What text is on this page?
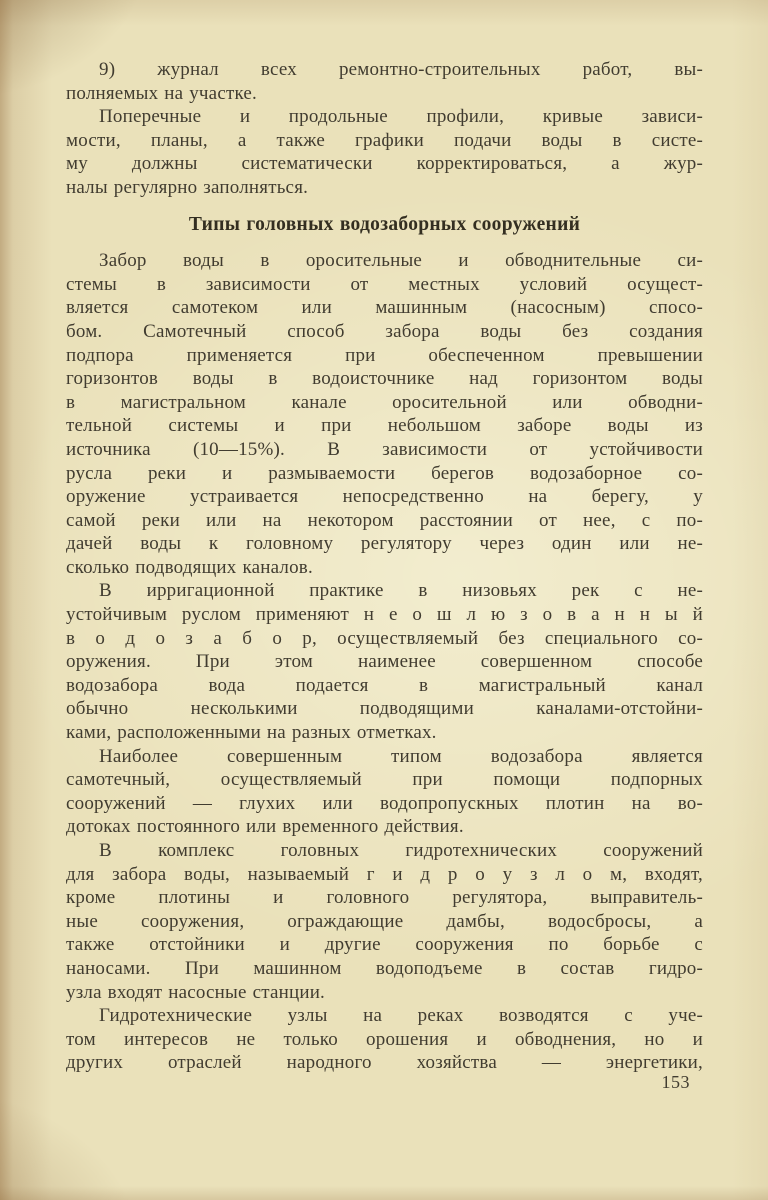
9) журнал всех ремонтно-строительных работ, вы-
полняемых на участке.
Поперечные и продольные профили, кривые зависи-
мости, планы, а также графики подачи воды в систе-
му должны систематически корректироваться, а жур-
налы регулярно заполняться.
Типы головных водозаборных сооружений
Забор воды в оросительные и обводнительные си-
стемы в зависимости от местных условий осущест-
вляется самотеком или машинным (насосным) спосо-
бом. Самотечный способ забора воды без создания
подпора применяется при обеспеченном превышении
горизонтов воды в водоисточнике над горизонтом воды
в магистральном канале оросительной или обводни-
тельной системы и при небольшом заборе воды из
источника (10—15%). В зависимости от устойчивости
русла реки и размываемости берегов водозаборное со-
оружение устраивается непосредственно на берегу, у
самой реки или на некотором расстоянии от нее, с по-
дачей воды к головному регулятору через один или не-
сколько подводящих каналов.
В ирригационной практике в низовьях рек с не-
устойчивым руслом применяют н е о ш л ю з о в а н н ы й
в о д о з а б о р, осуществляемый без специального со-
оружения. При этом наименее совершенном способе
водозабора вода подается в магистральный канал
обычно несколькими подводящими каналами-отстойни-
ками, расположенными на разных отметках.
Наиболее совершенным типом водозабора является
самотечный, осуществляемый при помощи подпорных
сооружений — глухих или водопропускных плотин на во-
дотоках постоянного или временного действия.
В комплекс головных гидротехнических сооружений
для забора воды, называемый г и д р о у з л о м, входят,
кроме плотины и головного регулятора, выправитель-
ные сооружения, ограждающие дамбы, водосбросы, а
также отстойники и другие сооружения по борьбе с
наносами. При машинном водоподъеме в состав гидро-
узла входят насосные станции.
Гидротехнические узлы на реках возводятся с уче-
том интересов не только орошения и обводнения, но и
других отраслей народного хозяйства — энергетики,
153
